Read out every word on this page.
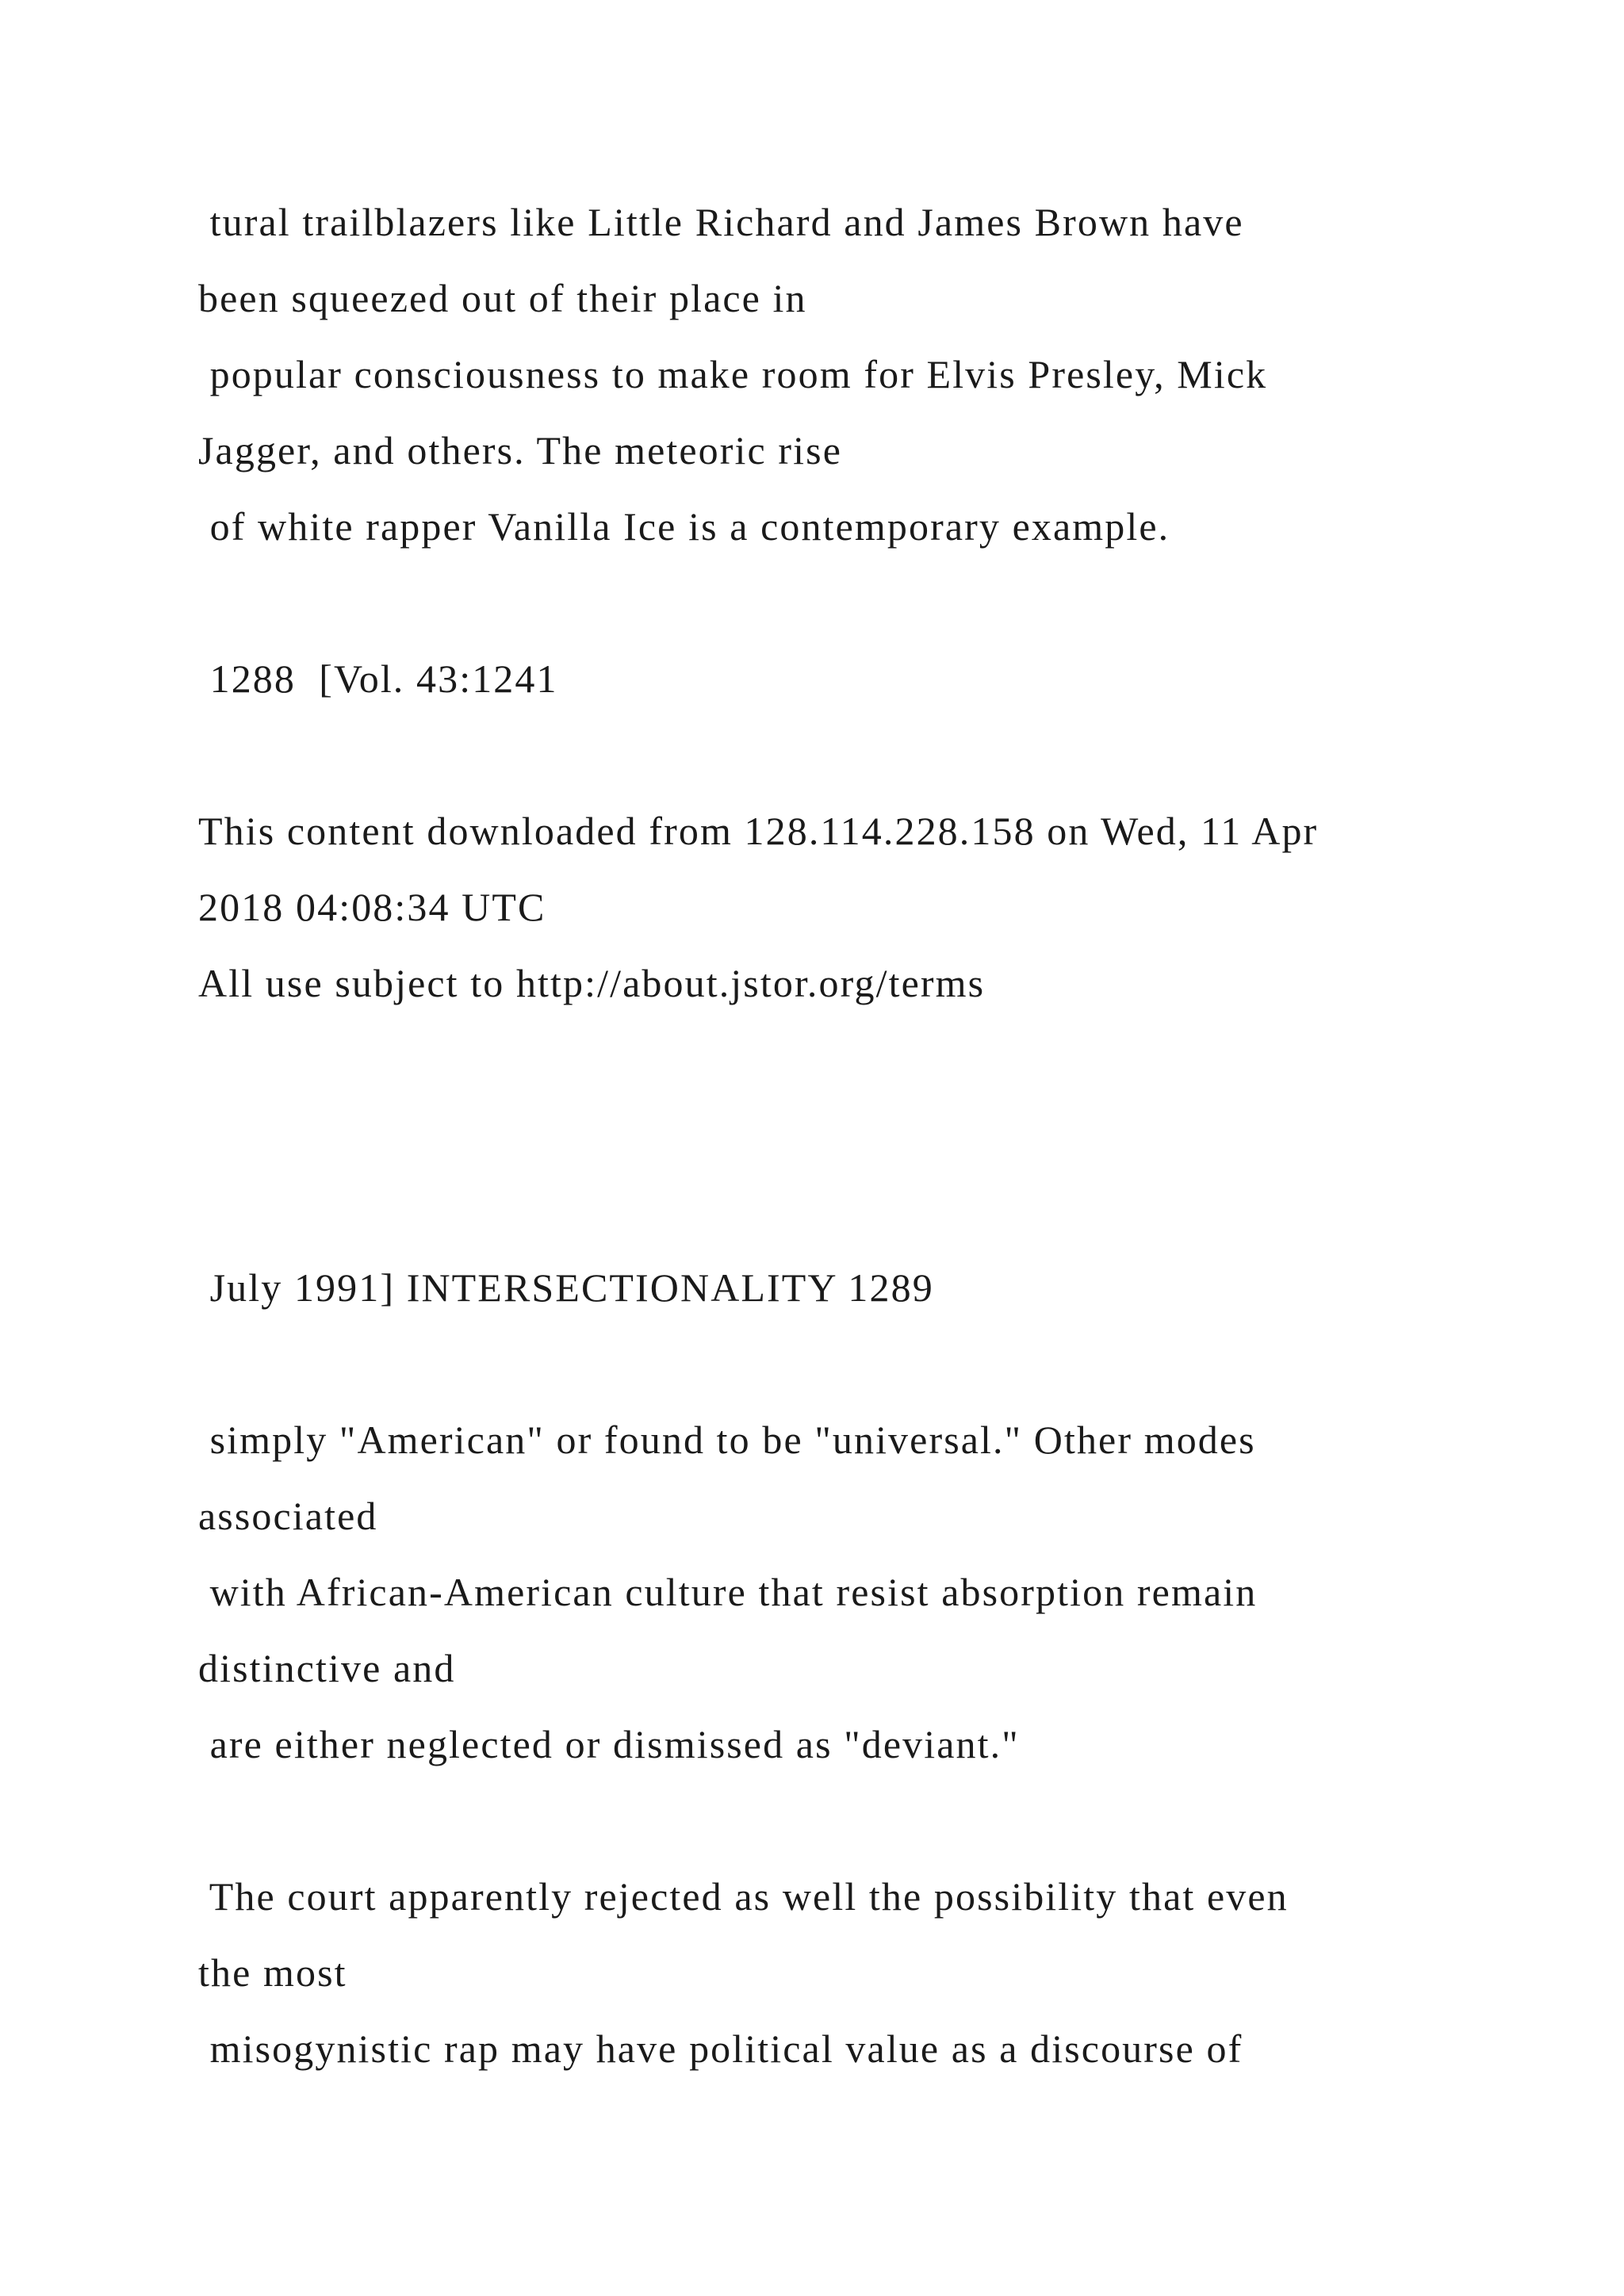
tural trailblazers like Little Richard and James Brown have

been squeezed out of their place in

popular consciousness to make room for Elvis Presley, Mick

Jagger, and others. The meteoric rise

of white rapper Vanilla Ice is a contemporary example.

1288  [Vol. 43:1241

This content downloaded from 128.114.228.158 on Wed, 11 Apr

2018 04:08:34 UTC

All use subject to http://about.jstor.org/terms

July 1991] INTERSECTIONALITY 1289

simply "American" or found to be "universal." Other modes

associated

with African-American culture that resist absorption remain

distinctive and

are either neglected or dismissed as "deviant."

The court apparently rejected as well the possibility that even

the most

misogynistic rap may have political value as a discourse of
